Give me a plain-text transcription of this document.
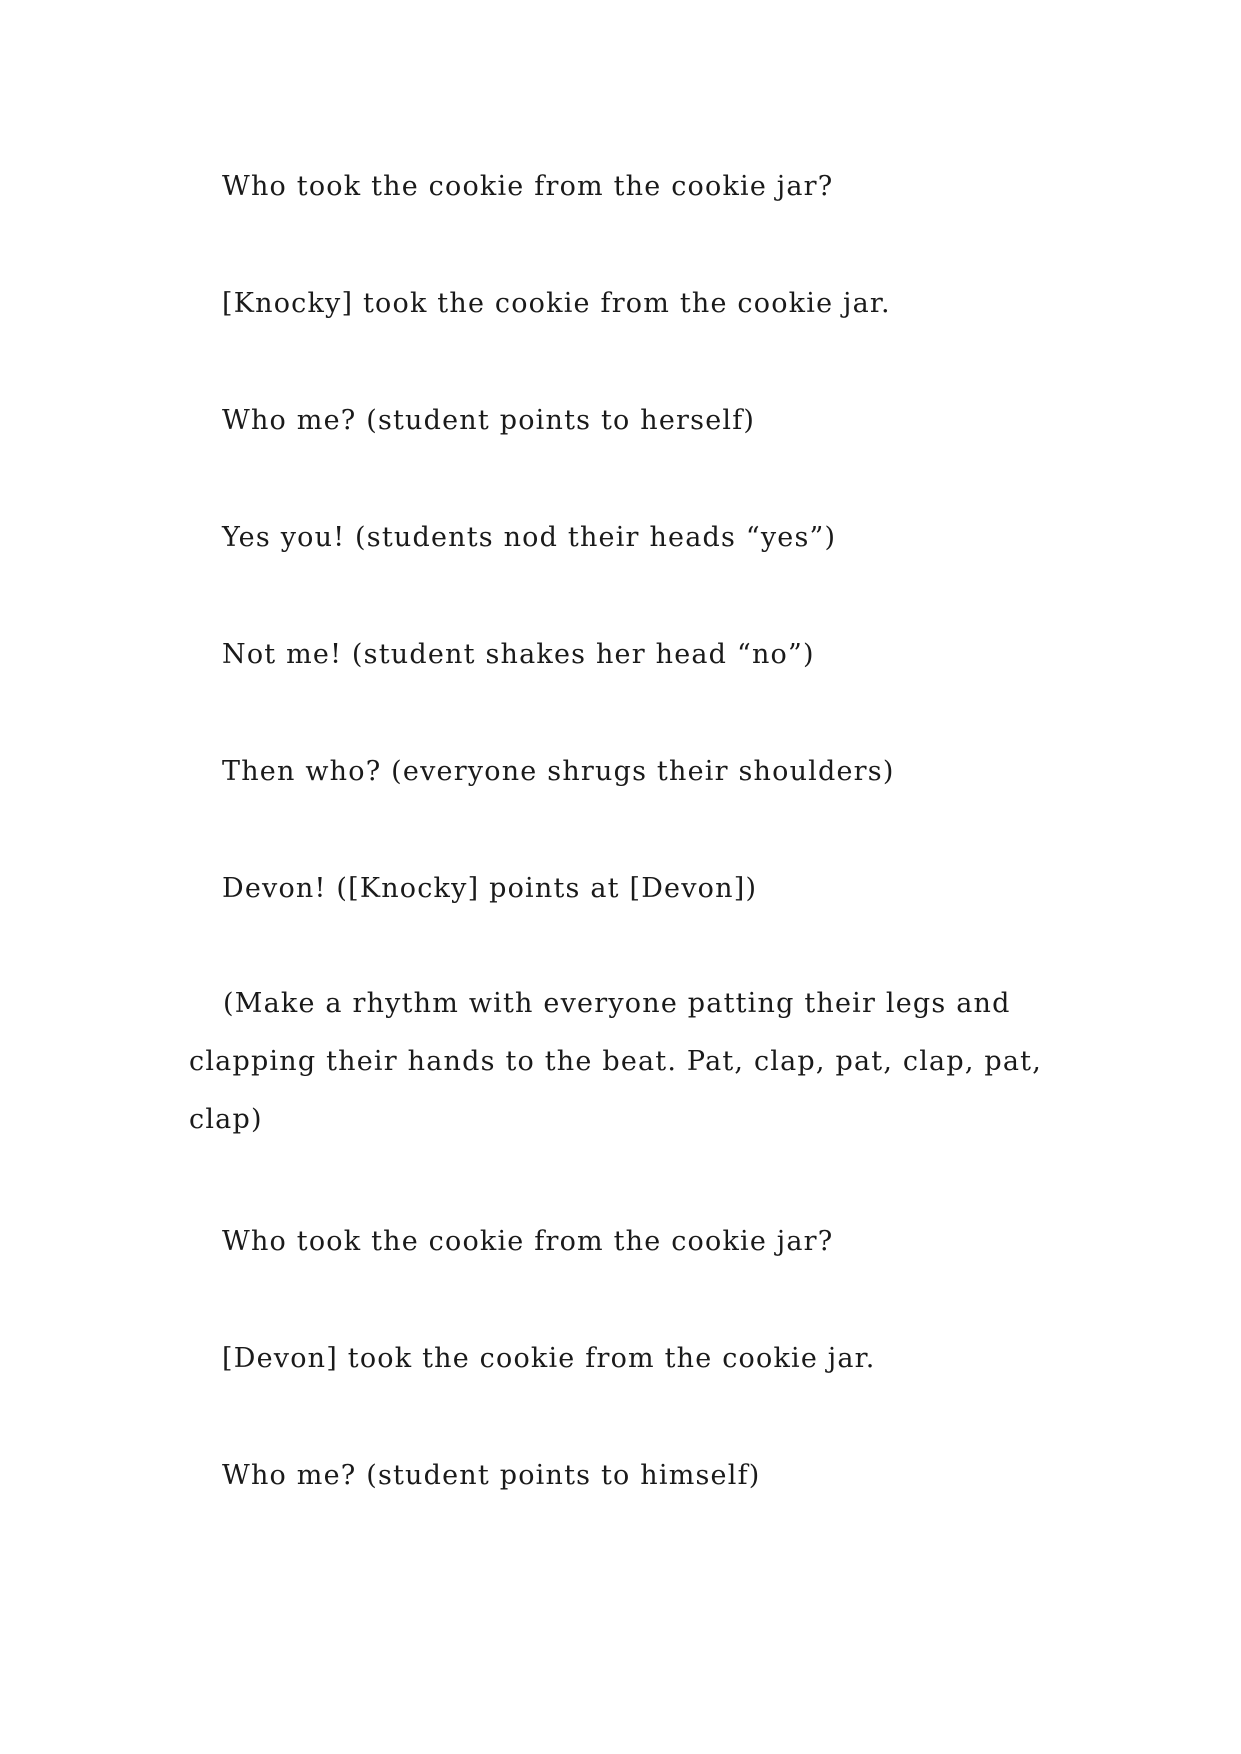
Who took the cookie from the cookie jar?

[Knocky] took the cookie from the cookie jar.

Who me? (student points to herself)

Yes you! (students nod their heads “yes”)

Not me! (student shakes her head “no”)

Then who? (everyone shrugs their shoulders)

Devon! ([Knocky] points at [Devon])

(Make a rhythm with everyone patting their legs and clapping their hands to the beat. Pat, clap, pat, clap, pat, clap)

Who took the cookie from the cookie jar?

[Devon] took the cookie from the cookie jar.

Who me? (student points to himself)
